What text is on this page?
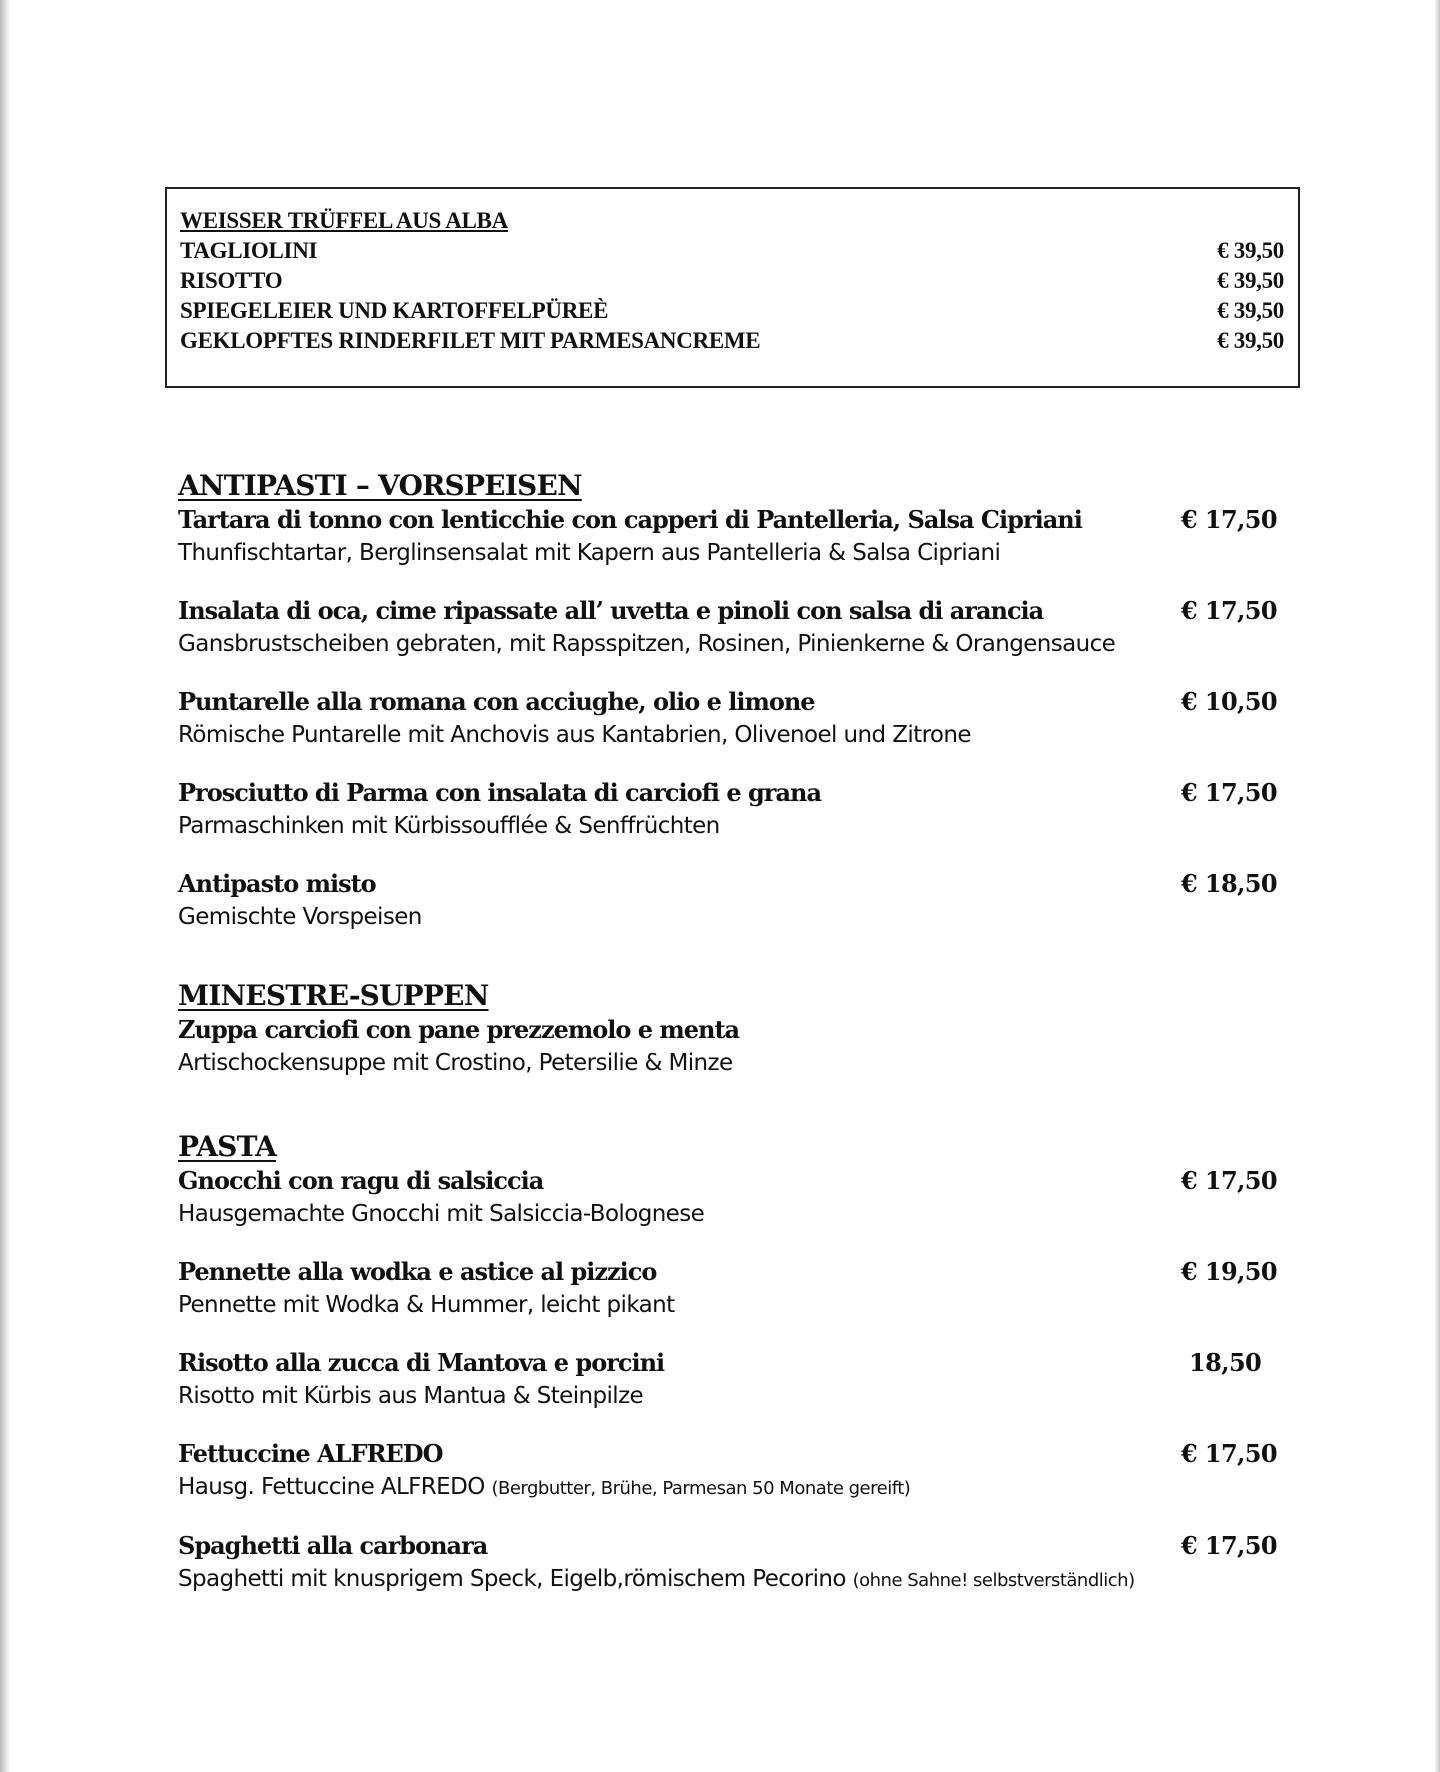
WEISSER TRÜFFEL AUS ALBA
TAGLIOLINI	€ 39,50
RISOTTO	€ 39,50
SPIEGELEIER UND KARTOFFELPÜREÈ	€ 39,50
GEKLOPFTES RINDERFILET MIT PARMESANCREME	€ 39,50
ANTIPASTI – VORSPEISEN
Tartara di tonno con lenticchie con capperi di Pantelleria, Salsa Cipriani	€ 17,50
Thunfischtartar, Berglinsensalat mit Kapern aus Pantelleria & Salsa Cipriani
Insalata di oca, cime ripassate all’ uvetta e pinoli con salsa di arancia	€ 17,50
Gansbrustscheiben gebraten, mit Rapsspitzen, Rosinen, Pinienkerne & Orangensauce
Puntarelle alla romana con acciughe, olio e limone	€ 10,50
Römische Puntarelle mit Anchovis aus Kantabrien, Olivenoel und Zitrone
Prosciutto di Parma con insalata di carciofi e grana	€ 17,50
Parmaschinken mit Kürbissoufflée & Senffrüchten
Antipasto misto	€ 18,50
Gemischte Vorspeisen
MINESTRE-SUPPEN
Zuppa carciofi con pane prezzemolo e menta
Artischockensuppe mit Crostino, Petersilie & Minze
PASTA
Gnocchi con ragu di salsiccia	€ 17,50
Hausgemachte Gnocchi mit Salsiccia-Bolognese
Pennette alla wodka e astice al pizzico	€ 19,50
Pennette mit Wodka & Hummer, leicht pikant
Risotto alla zucca di Mantova e porcini	18,50
Risotto mit Kürbis aus Mantua & Steinpilze
Fettuccine ALFREDO	€ 17,50
Hausg. Fettuccine ALFREDO (Bergbutter, Brühe, Parmesan 50 Monate gereift)
Spaghetti alla carbonara	€ 17,50
Spaghetti mit knusprigem Speck, Eigelb,römischem Pecorino (ohne Sahne! selbstverständlich)
